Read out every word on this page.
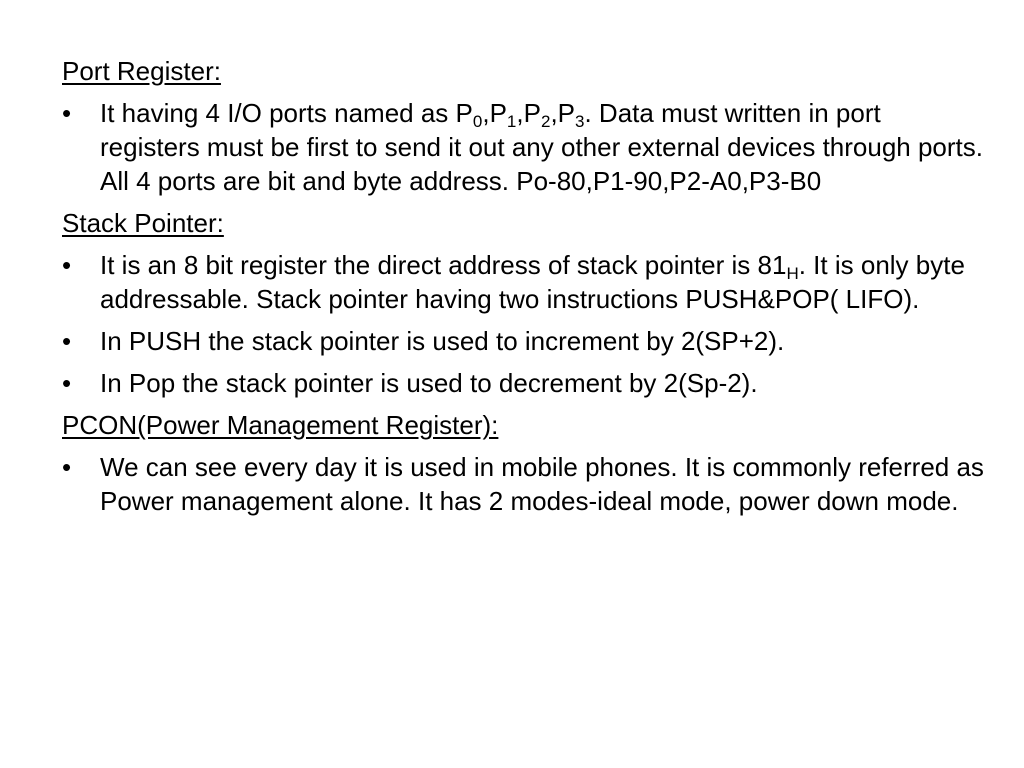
Port Register:
•	It having 4 I/O ports named as $P_0,P_1,P_2,P_3$. Data must written in port registers must be first to send it out any other external devices through ports. All 4 ports are bit and byte address. Po-80,P1-90,P2-A0,P3-B0
Stack Pointer:
•	It is an 8 bit register the direct address of stack pointer is $81_H$. It is only byte addressable. Stack pointer having two instructions PUSH&POP( LIFO).
•	In PUSH the stack pointer is used to increment by 2(SP+2).
•	In Pop the stack pointer is used to decrement by 2(Sp-2).
PCON(Power Management Register):
•	We can see every day it is used in mobile phones. It is commonly referred as Power management alone. It has 2 modes-ideal mode, power down mode.
